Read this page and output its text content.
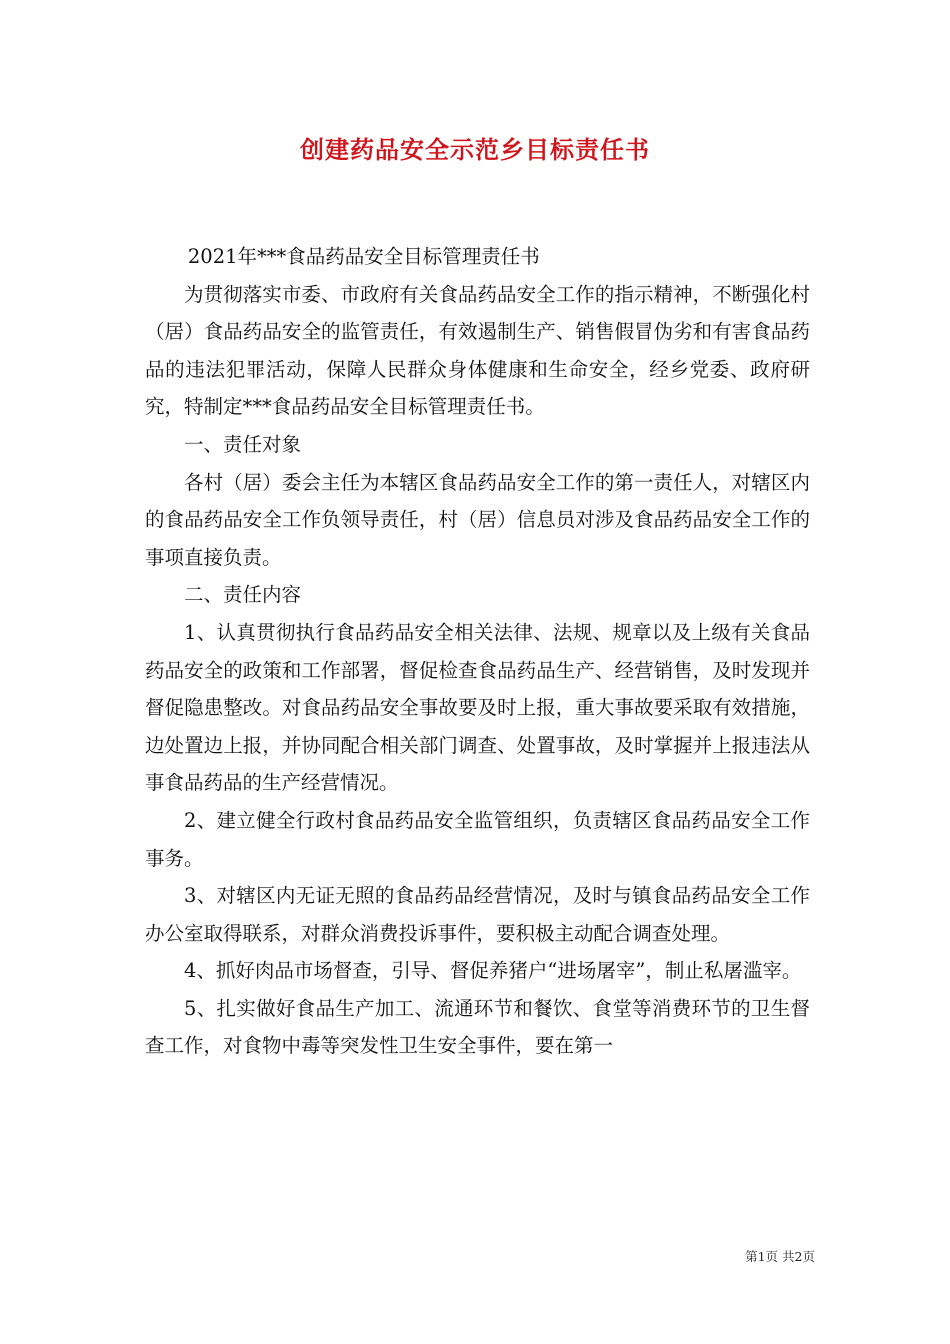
创建药品安全示范乡目标责任书

2021年***食品药品安全目标管理责任书

为贯彻落实市委、市政府有关食品药品安全工作的指示精神，不断强化村（居）食品药品安全的监管责任，有效遏制生产、销售假冒伪劣和有害食品药品的违法犯罪活动，保障人民群众身体健康和生命安全，经乡党委、政府研究，特制定***食品药品安全目标管理责任书。

一、责任对象

各村（居）委会主任为本辖区食品药品安全工作的第一责任人，对辖区内的食品药品安全工作负领导责任，村（居）信息员对涉及食品药品安全工作的事项直接负责。

二、责任内容

1、认真贯彻执行食品药品安全相关法律、法规、规章以及上级有关食品药品安全的政策和工作部署，督促检查食品药品生产、经营销售，及时发现并督促隐患整改。对食品药品安全事故要及时上报，重大事故要采取有效措施，边处置边上报，并协同配合相关部门调查、处置事故，及时掌握并上报违法从事食品药品的生产经营情况。

2、建立健全行政村食品药品安全监管组织，负责辖区食品药品安全工作事务。

3、对辖区内无证无照的食品药品经营情况，及时与镇食品药品安全工作办公室取得联系，对群众消费投诉事件，要积极主动配合调查处理。

4、抓好肉品市场督查，引导、督促养猪户“进场屠宰”，制止私屠滥宰。

5、扎实做好食品生产加工、流通环节和餐饮、食堂等消费环节的卫生督查工作，对食物中毒等突发性卫生安全事件，要在第一

第1页 共2页
